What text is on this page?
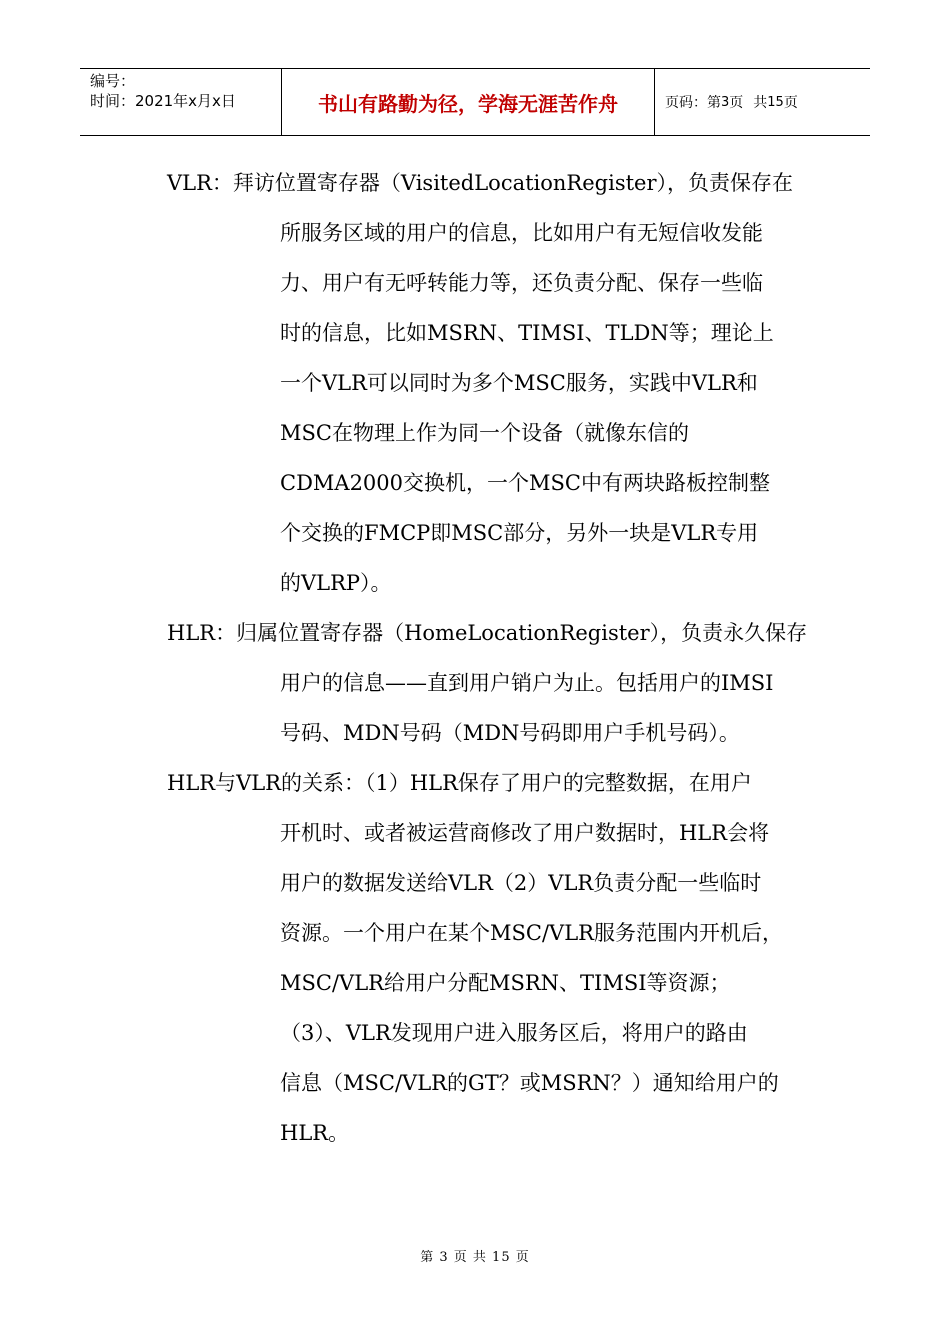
编号：
时间：2021年x月x日	书山有路勤为径，学海无涯苦作舟	页码：第 3 页 共 15 页
VLR：拜访位置寄存器（VisitedLocationRegister），负责保存在
所服务区域的用户的信息，比如用户有无短信收发能
力、用户有无呼转能力等，还负责分配、保存一些临
时的信息，比如MSRN、TIMSI、TLDN等；理论上
一个VLR可以同时为多个MSC服务，实践中VLR和
MSC在物理上作为同一个设备（就像东信的
CDMA2000交换机，一个MSC中有两块路板控制整
个交换的FMCP即MSC部分，另外一块是VLR专用
的VLRP）。
HLR：归属位置寄存器（HomeLocationRegister），负责永久保存
用户的信息——直到用户销户为止。包括用户的IMSI
号码、MDN号码（MDN号码即用户手机号码）。
HLR与VLR的关系：（1）HLR保存了用户的完整数据，在用户
开机时、或者被运营商修改了用户数据时，HLR会将
用户的数据发送给VLR（2）VLR负责分配一些临时
资源。一个用户在某个MSC/VLR服务范围内开机后，
MSC/VLR给用户分配MSRN、TIMSI等资源；
（3）、VLR发现用户进入服务区后，将用户的路由
信息（MSC/VLR的GT？或MSRN？）通知给用户的
HLR。
第 3 页 共 15 页
